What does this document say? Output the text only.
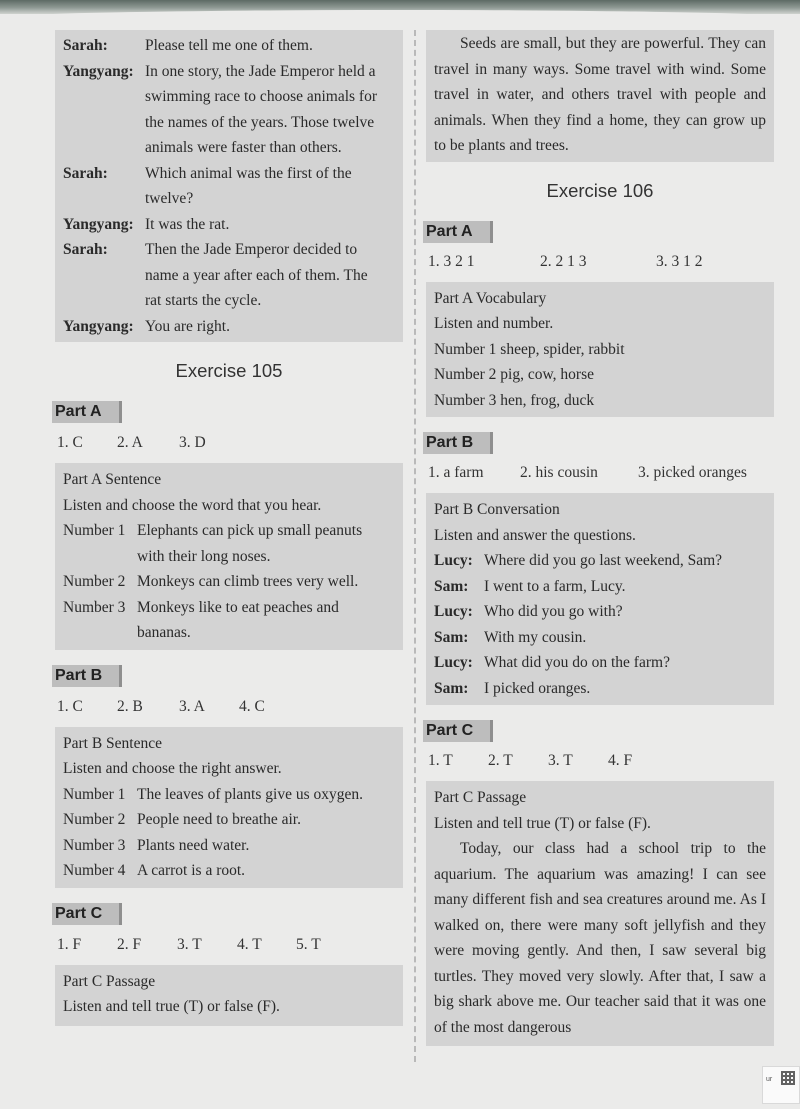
Sarah:	Please tell me one of them.
Yangyang: In one story, the Jade Emperor held a
swimming race to choose animals for
the names of the years. Those twelve
animals were faster than others.
Sarah:	Which animal was the first of the
twelve?
Yangyang: It was the rat.
Sarah:	Then the Jade Emperor decided to
name a year after each of them. The
rat starts the cycle.
Yangyang: You are right.
Exercise 105
Part A
1. C	2. A	3. D
Part A Sentence
Listen and choose the word that you hear.
Number 1 Elephants can pick up small peanuts
with their long noses.
Number 2 Monkeys can climb trees very well.
Number 3 Monkeys like to eat peaches and
bananas.
Part B
1. C	2. B	3. A	4. C
Part B Sentence
Listen and choose the right answer.
Number 1 The leaves of plants give us oxygen.
Number 2 People need to breathe air.
Number 3 Plants need water.
Number 4 A carrot is a root.
Part C
1. F	2. F	3. T	4. T	5. T
Part C Passage
Listen and tell true (T) or false (F).
Seeds are small, but they are powerful. They can travel in many ways. Some travel with wind. Some travel in water, and others travel with people and animals. When they find a home, they can grow up to be plants and trees.
Exercise 106
Part A
1. 3 2 1	2. 2 1 3	3. 3 1 2
Part A Vocabulary
Listen and number.
Number 1 sheep, spider, rabbit
Number 2 pig, cow, horse
Number 3 hen, frog, duck
Part B
1. a farm	2. his cousin	3. picked oranges
Part B Conversation
Listen and answer the questions.
Lucy: Where did you go last weekend, Sam?
Sam:	I went to a farm, Lucy.
Lucy: Who did you go with?
Sam:	With my cousin.
Lucy: What did you do on the farm?
Sam:	I picked oranges.
Part C
1. T	2. T	3. T	4. F
Part C Passage
Listen and tell true (T) or false (F).
Today, our class had a school trip to the aquarium. The aquarium was amazing! I can see many different fish and sea creatures around me. As I walked on, there were many soft jellyfish and they were moving gently. And then, I saw several big turtles. They moved very slowly. After that, I saw a big shark above me. Our teacher said that it was one of the most dangerous
ur
